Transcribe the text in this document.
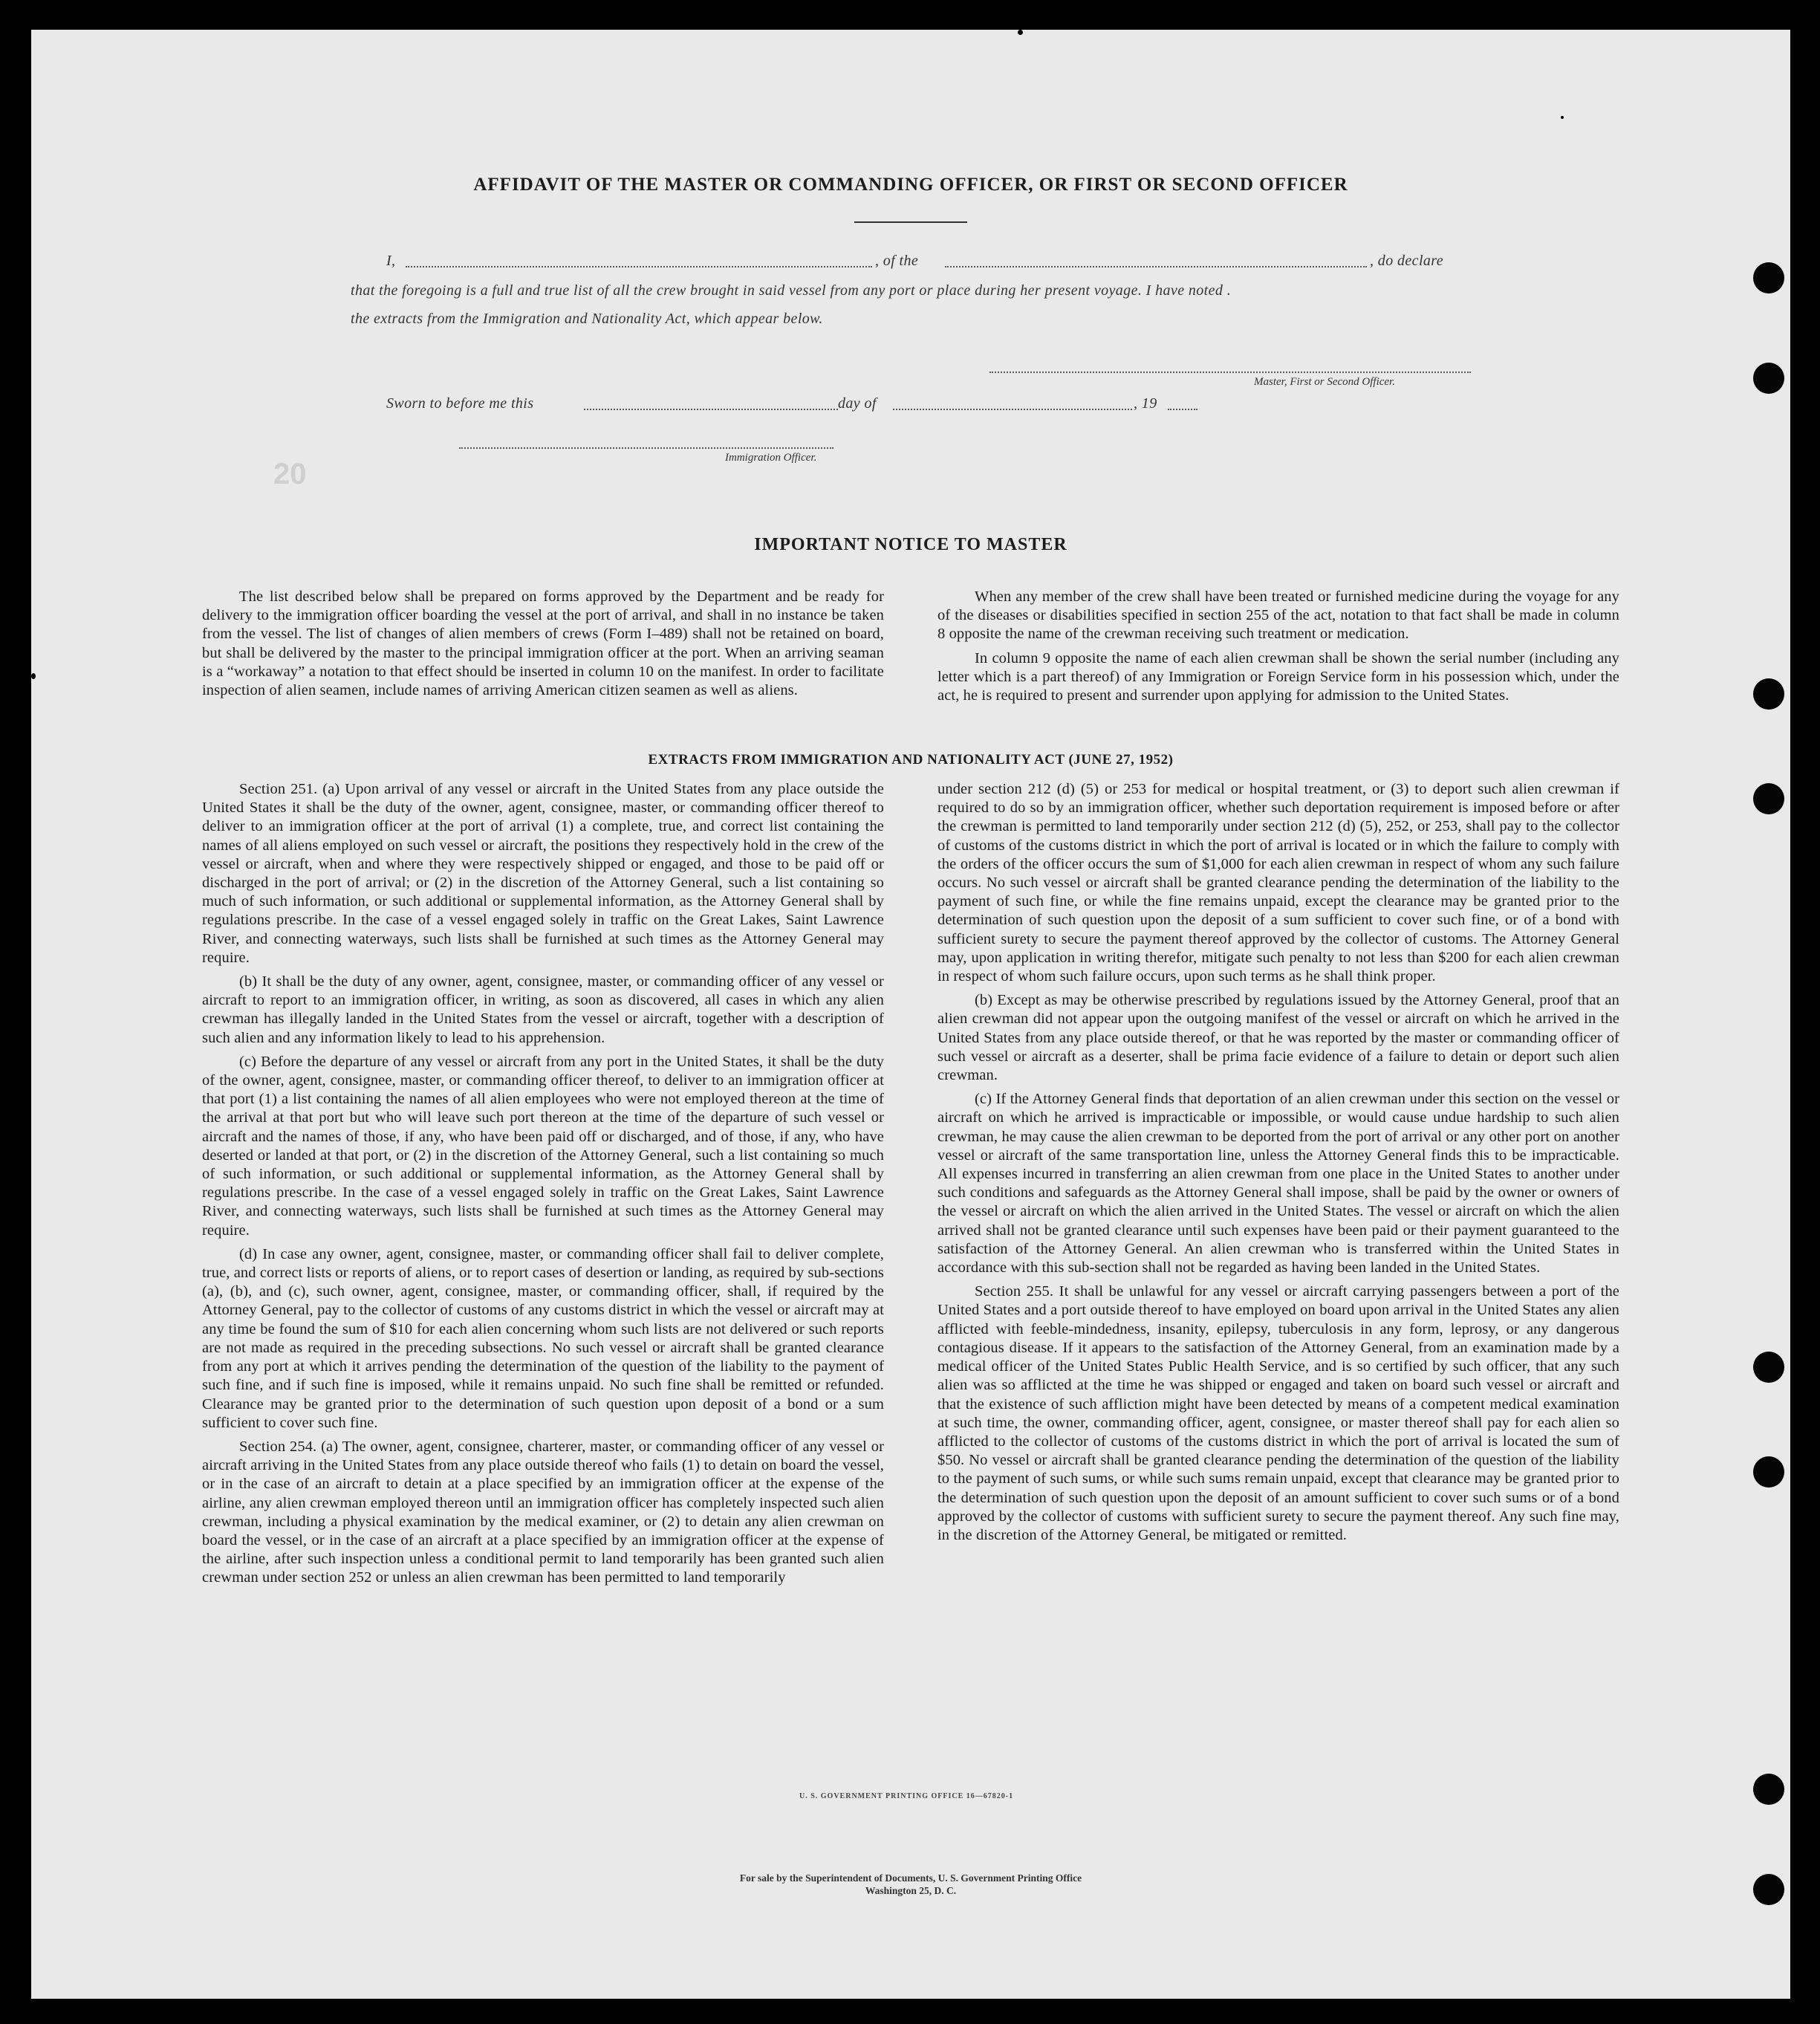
AFFIDAVIT OF THE MASTER OR COMMANDING OFFICER, OR FIRST OR SECOND OFFICER
I,	, of the	, do declare
that the foregoing is a full and true list of all the crew brought in said vessel from any port or place during her present voyage. I have noted .
the extracts from the Immigration and Nationality Act, which appear below.
Master, First or Second Officer.
Sworn to before me this	day of	, 19
Immigration Officer.
20
IMPORTANT NOTICE TO MASTER

The list described below shall be prepared on forms approved by the Department and be ready for delivery to the immigration officer boarding the vessel at the port of arrival, and shall in no instance be taken from the vessel. The list of changes of alien members of crews (Form I–489) shall not be retained on board, but shall be delivered by the master to the principal immigration officer at the port. When an arriving seaman is a “workaway” a notation to that effect should be inserted in column 10 on the manifest. In order to facilitate inspection of alien seamen, include names of arriving American citizen seamen as well as aliens.

When any member of the crew shall have been treated or furnished medicine during the voyage for any of the diseases or disabilities specified in section 255 of the act, notation to that fact shall be made in column 8 opposite the name of the crewman receiving such treatment or medication.

In column 9 opposite the name of each alien crewman shall be shown the serial number (including any letter which is a part thereof) of any Immigration or Foreign Service form in his possession which, under the act, he is required to present and surrender upon applying for admission to the United States.

EXTRACTS FROM IMMIGRATION AND NATIONALITY ACT (JUNE 27, 1952)

Section 251. (a) Upon arrival of any vessel or aircraft in the United States from any place outside the United States it shall be the duty of the owner, agent, consignee, master, or commanding officer thereof to deliver to an immigration officer at the port of arrival (1) a complete, true, and correct list containing the names of all aliens employed on such vessel or aircraft, the positions they respectively hold in the crew of the vessel or aircraft, when and where they were respectively shipped or engaged, and those to be paid off or discharged in the port of arrival; or (2) in the discretion of the Attorney General, such a list containing so much of such information, or such additional or supplemental information, as the Attorney General shall by regulations prescribe. In the case of a vessel engaged solely in traffic on the Great Lakes, Saint Lawrence River, and connecting waterways, such lists shall be furnished at such times as the Attorney General may require.

(b) It shall be the duty of any owner, agent, consignee, master, or commanding officer of any vessel or aircraft to report to an immigration officer, in writing, as soon as discovered, all cases in which any alien crewman has illegally landed in the United States from the vessel or aircraft, together with a description of such alien and any information likely to lead to his apprehension.

(c) Before the departure of any vessel or aircraft from any port in the United States, it shall be the duty of the owner, agent, consignee, master, or commanding officer thereof, to deliver to an immigration officer at that port (1) a list containing the names of all alien employees who were not employed thereon at the time of the arrival at that port but who will leave such port thereon at the time of the departure of such vessel or aircraft and the names of those, if any, who have been paid off or discharged, and of those, if any, who have deserted or landed at that port, or (2) in the discretion of the Attorney General, such a list containing so much of such information, or such additional or supplemental information, as the Attorney General shall by regulations prescribe. In the case of a vessel engaged solely in traffic on the Great Lakes, Saint Lawrence River, and connecting waterways, such lists shall be furnished at such times as the Attorney General may require.

(d) In case any owner, agent, consignee, master, or commanding officer shall fail to deliver complete, true, and correct lists or reports of aliens, or to report cases of desertion or landing, as required by sub-sections (a), (b), and (c), such owner, agent, consignee, master, or commanding officer, shall, if required by the Attorney General, pay to the collector of customs of any customs district in which the vessel or aircraft may at any time be found the sum of $10 for each alien concerning whom such lists are not delivered or such reports are not made as required in the preceding subsections. No such vessel or aircraft shall be granted clearance from any port at which it arrives pending the determination of the question of the liability to the payment of such fine, and if such fine is imposed, while it remains unpaid. No such fine shall be remitted or refunded. Clearance may be granted prior to the determination of such question upon deposit of a bond or a sum sufficient to cover such fine.

Section 254. (a) The owner, agent, consignee, charterer, master, or commanding officer of any vessel or aircraft arriving in the United States from any place outside thereof who fails (1) to detain on board the vessel, or in the case of an aircraft to detain at a place specified by an immigration officer at the expense of the airline, any alien crewman employed thereon until an immigration officer has completely inspected such alien crewman, including a physical examination by the medical examiner, or (2) to detain any alien crewman on board the vessel, or in the case of an aircraft at a place specified by an immigration officer at the expense of the airline, after such inspection unless a conditional permit to land temporarily has been granted such alien crewman under section 252 or unless an alien crewman has been permitted to land temporarily

under section 212 (d) (5) or 253 for medical or hospital treatment, or (3) to deport such alien crewman if required to do so by an immigration officer, whether such deportation requirement is imposed before or after the crewman is permitted to land temporarily under section 212 (d) (5), 252, or 253, shall pay to the collector of customs of the customs district in which the port of arrival is located or in which the failure to comply with the orders of the officer occurs the sum of $1,000 for each alien crewman in respect of whom any such failure occurs. No such vessel or aircraft shall be granted clearance pending the determination of the liability to the payment of such fine, or while the fine remains unpaid, except the clearance may be granted prior to the determination of such question upon the deposit of a sum sufficient to cover such fine, or of a bond with sufficient surety to secure the payment thereof approved by the collector of customs. The Attorney General may, upon application in writing therefor, mitigate such penalty to not less than $200 for each alien crewman in respect of whom such failure occurs, upon such terms as he shall think proper.

(b) Except as may be otherwise prescribed by regulations issued by the Attorney General, proof that an alien crewman did not appear upon the outgoing manifest of the vessel or aircraft on which he arrived in the United States from any place outside thereof, or that he was reported by the master or commanding officer of such vessel or aircraft as a deserter, shall be prima facie evidence of a failure to detain or deport such alien crewman.

(c) If the Attorney General finds that deportation of an alien crewman under this section on the vessel or aircraft on which he arrived is impracticable or impossible, or would cause undue hardship to such alien crewman, he may cause the alien crewman to be deported from the port of arrival or any other port on another vessel or aircraft of the same transportation line, unless the Attorney General finds this to be impracticable. All expenses incurred in transferring an alien crewman from one place in the United States to another under such conditions and safeguards as the Attorney General shall impose, shall be paid by the owner or owners of the vessel or aircraft on which the alien arrived in the United States. The vessel or aircraft on which the alien arrived shall not be granted clearance until such expenses have been paid or their payment guaranteed to the satisfaction of the Attorney General. An alien crewman who is transferred within the United States in accordance with this sub-section shall not be regarded as having been landed in the United States.

Section 255. It shall be unlawful for any vessel or aircraft carrying passengers between a port of the United States and a port outside thereof to have employed on board upon arrival in the United States any alien afflicted with feeble-mindedness, insanity, epilepsy, tuberculosis in any form, leprosy, or any dangerous contagious disease. If it appears to the satisfaction of the Attorney General, from an examination made by a medical officer of the United States Public Health Service, and is so certified by such officer, that any such alien was so afflicted at the time he was shipped or engaged and taken on board such vessel or aircraft and that the existence of such affliction might have been detected by means of a competent medical examination at such time, the owner, commanding officer, agent, consignee, or master thereof shall pay for each alien so afflicted to the collector of customs of the customs district in which the port of arrival is located the sum of $50. No vessel or aircraft shall be granted clearance pending the determination of the question of the liability to the payment of such sums, or while such sums remain unpaid, except that clearance may be granted prior to the determination of such question upon the deposit of an amount sufficient to cover such sums or of a bond approved by the collector of customs with sufficient surety to secure the payment thereof. Any such fine may, in the discretion of the Attorney General, be mitigated or remitted.

U. S. GOVERNMENT PRINTING OFFICE 16—67820-1
For sale by the Superintendent of Documents, U. S. Government Printing Office
Washington 25, D. C.
